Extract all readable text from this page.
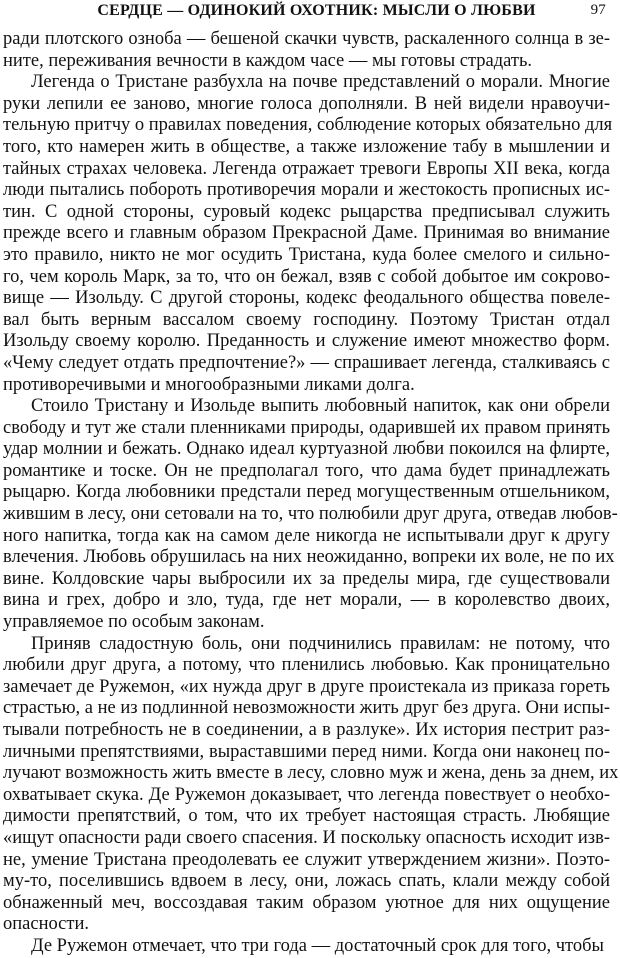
СЕРДЦЕ — ОДИНОКИЙ ОХОТНИК: МЫСЛИ О ЛЮБВИ	97
ради плотского озноба — бешеной скачки чувств, раскаленного солнца в зе-
ните, переживания вечности в каждом часе — мы готовы страдать.
Легенда о Тристане разбухла на почве представлений о морали. Многие
руки лепили ее заново, многие голоса дополняли. В ней видели нравоучи-
тельную притчу о правилах поведения, соблюдение которых обязательно для
того, кто намерен жить в обществе, а также изложение табу в мышлении и
тайных страхах человека. Легенда отражает тревоги Европы XII века, когда
люди пытались побороть противоречия морали и жестокость прописных ис-
тин. С одной стороны, суровый кодекс рыцарства предписывал служить
прежде всего и главным образом Прекрасной Даме. Принимая во внимание
это правило, никто не мог осудить Тристана, куда более смелого и сильно-
го, чем король Марк, за то, что он бежал, взяв с собой добытое им сокрово-
вище — Изольду. С другой стороны, кодекс феодального общества повеле-
вал быть верным вассалом своему господину. Поэтому Тристан отдал
Изольду своему королю. Преданность и служение имеют множество форм.
«Чему следует отдать предпочтение?» — спрашивает легенда, сталкиваясь с
противоречивыми и многообразными ликами долга.
Стоило Тристану и Изольде выпить любовный напиток, как они обрели
свободу и тут же стали пленниками природы, одарившей их правом принять
удар молнии и бежать. Однако идеал куртуазной любви покоился на флирте,
романтике и тоске. Он не предполагал того, что дама будет принадлежать
рыцарю. Когда любовники предстали перед могущественным отшельником,
жившим в лесу, они сетовали на то, что полюбили друг друга, отведав любов-
ного напитка, тогда как на самом деле никогда не испытывали друг к другу
влечения. Любовь обрушилась на них неожиданно, вопреки их воле, не по их
вине. Колдовские чары выбросили их за пределы мира, где существовали
вина и грех, добро и зло, туда, где нет морали, — в королевство двоих,
управляемое по особым законам.
Приняв сладостную боль, они подчинились правилам: не потому, что
любили друг друга, а потому, что пленились любовью. Как проницательно
замечает де Ружемон, «их нужда друг в друге проистекала из приказа гореть
страстью, а не из подлинной невозможности жить друг без друга. Они испы-
тывали потребность не в соединении, а в разлуке». Их история пестрит раз-
личными препятствиями, выраставшими перед ними. Когда они наконец по-
лучают возможность жить вместе в лесу, словно муж и жена, день за днем, их
охватывает скука. Де Ружемон доказывает, что легенда повествует о необхо-
димости препятствий, о том, что их требует настоящая страсть. Любящие
«ищут опасности ради своего спасения. И поскольку опасность исходит изв-
не, умение Тристана преодолевать ее служит утверждением жизни». Поэто-
му-то, поселившись вдвоем в лесу, они, ложась спать, клали между собой
обнаженный меч, воссоздавая таким образом уютное для них ощущение
опасности.
Де Ружемон отмечает, что три года — достаточный срок для того, чтобы
